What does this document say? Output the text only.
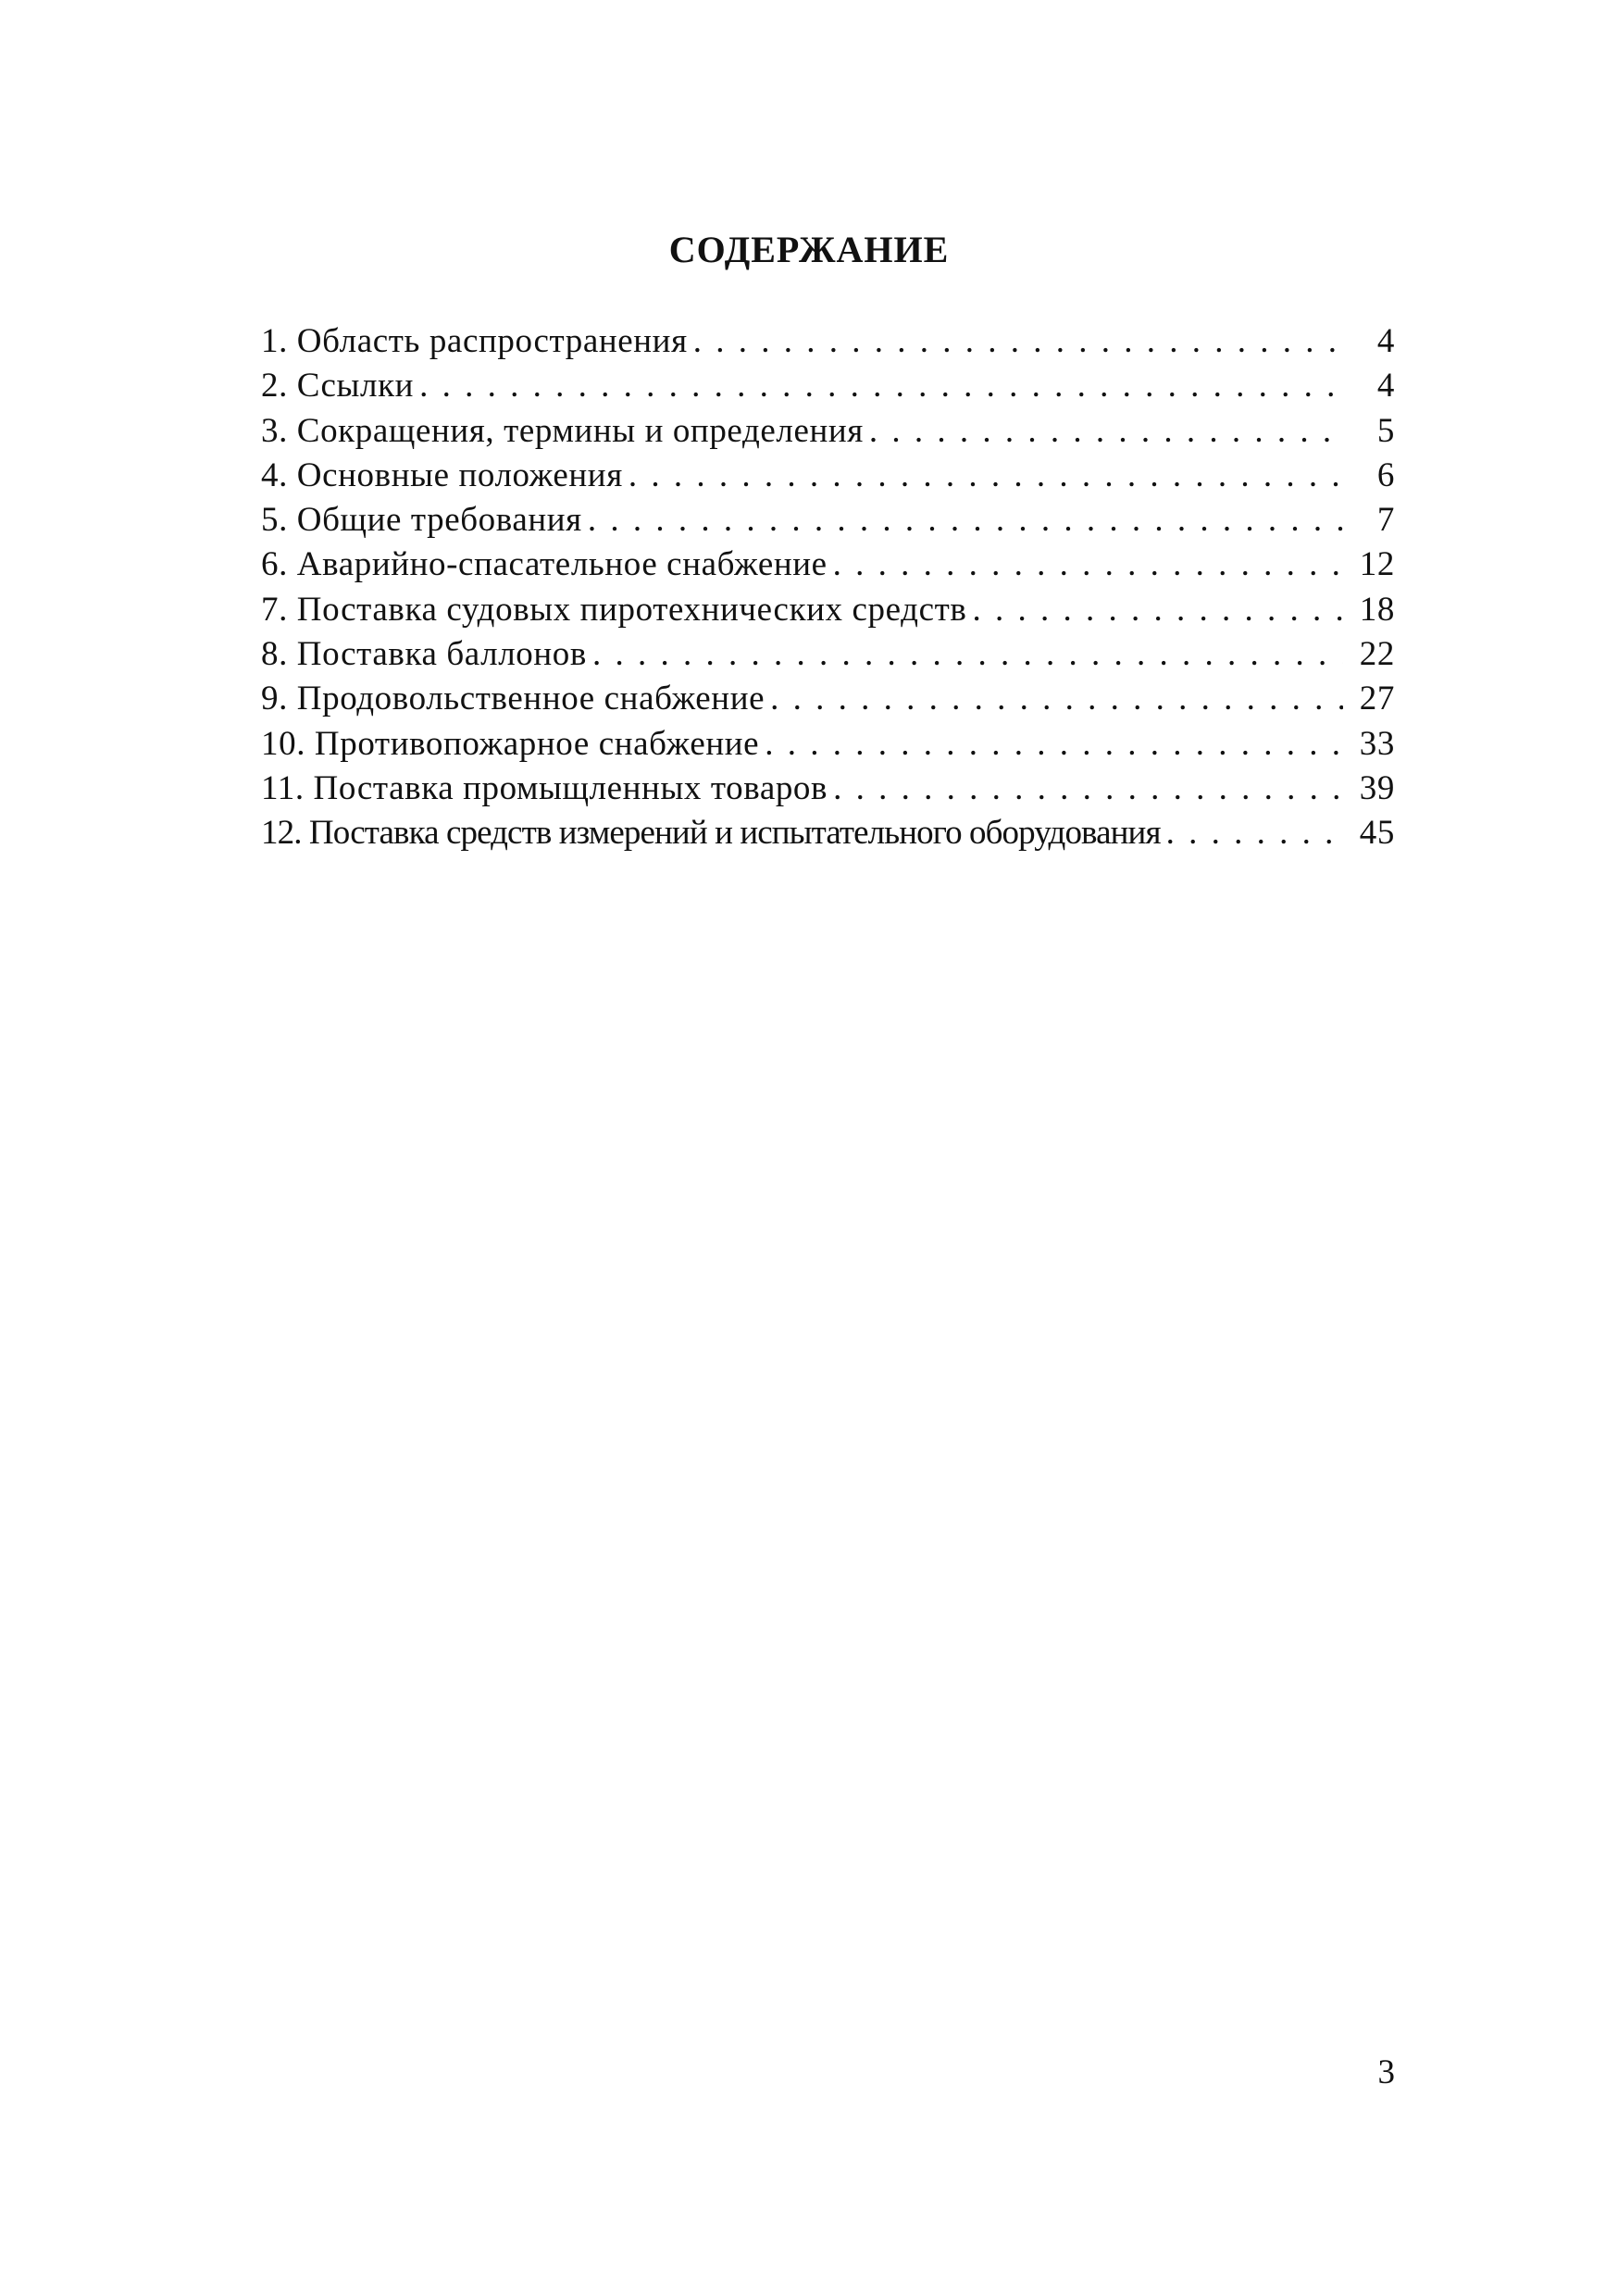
СОДЕРЖАНИЕ
1. Область распространения . . .	4
2. Ссылки . . .	4
3. Сокращения, термины и определения . . .	5
4. Основные положения . . .	6
5. Общие требования . . .	7
6. Аварийно-спасательное снабжение . . .	12
7. Поставка судовых пиротехнических средств . . .	18
8. Поставка баллонов . . .	22
9. Продовольственное снабжение . . .	27
10. Противопожарное снабжение . . .	33
11. Поставка промыщленных товаров . . .	39
12. Поставка средств измерений и испытательного оборудования . . .	45

3
